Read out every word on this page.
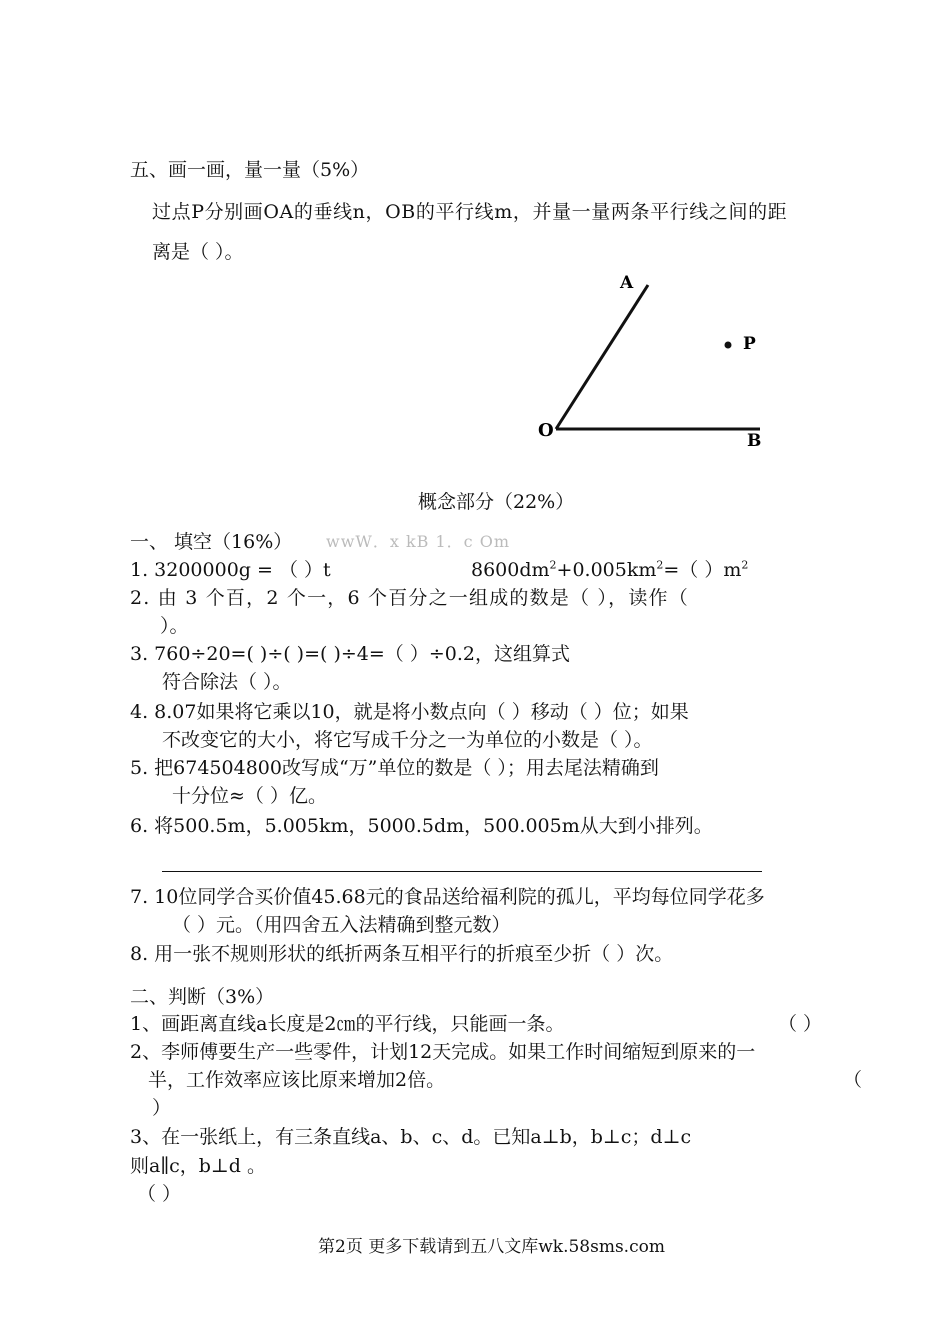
五、画一画，量一量（5%）
过点P分别画OA的垂线n，OB的平行线m，并量一量两条平行线之间的距
离是（ ）。
A
O	B
P
概念部分（22%）
一、 填空（16%） wwW．x kB 1．c Om
1. 3200000g = （ ）t	$8600dm^2+0.005km^2=$（ ）$m^2$
2. 由 3 个百，2 个一，6 个百分之一组成的数是（ ），读作（
）。
3. 760÷20=( )÷( )=( )÷4=（ ）÷0.2，这组算式
符合除法（ ）。
4. 8.07如果将它乘以10，就是将小数点向（ ）移动（ ）位；如果
不改变它的大小，将它写成千分之一为单位的小数是（ ）。
5. 把674504800改写成“万”单位的数是（ ）；用去尾法精确到
十分位≈（ ）亿。
6. 将500.5m，5.005km，5000.5dm，500.005m从大到小排列。
7. 10位同学合买价值45.68元的食品送给福利院的孤儿，平均每位同学花多
（ ）元。（用四舍五入法精确到整元数）
8. 用一张不规则形状的纸折两条互相平行的折痕至少折（ ）次。
二、判断（3%）
1、画距离直线a长度是2㎝的平行线，只能画一条。	（ ）
2、李师傅要生产一些零件，计划12天完成。如果工作时间缩短到原来的一
半，工作效率应该比原来增加2倍。	（
）
3、在一张纸上，有三条直线a、b、c、d。已知a⊥b，b⊥c；d⊥c
则a∥c，b⊥d 。
（ ）
第2页 更多下载请到五八文库wk.58sms.com
